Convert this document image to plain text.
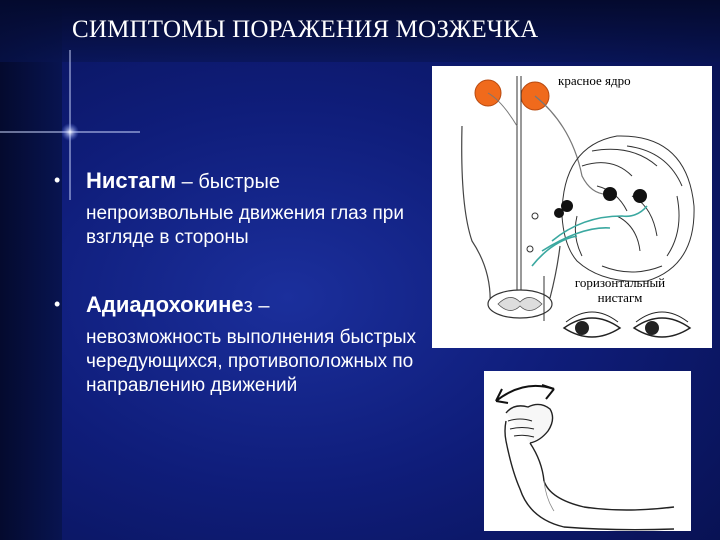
СИМПТОМЫ ПОРАЖЕНИЯ МОЗЖЕЧКА
• Нистагм – быстрые
непроизвольные движения глаз при взгляде в стороны
• Адиадохокинез –
невозможность выполнения быстрых чередующихся, противоположных по направлению движений
красное ядро
горизонтальный
нистагм
